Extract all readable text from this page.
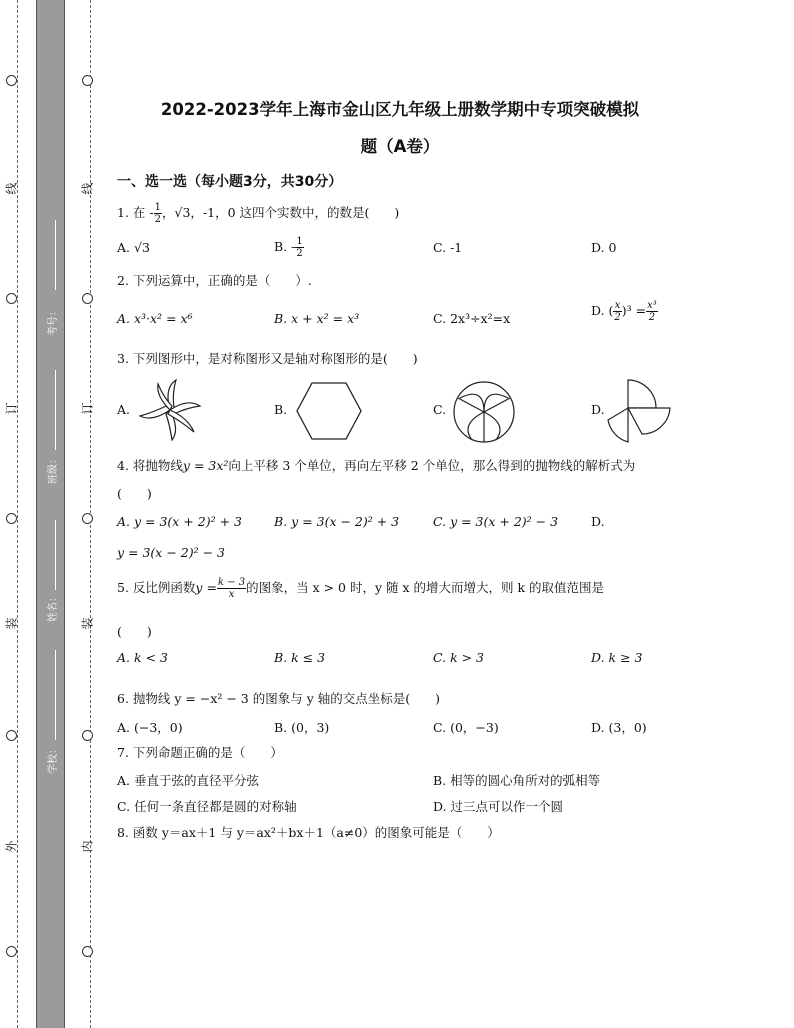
线
订
装
外
线
订
装
内
考号：
班级：
姓名：
学校：
2022-2023学年上海市金山区九年级上册数学期中专项突破模拟
题（A卷）
一、选一选（每小题3分，共30分）
1. 在 - $\frac{1}{2}$ ，√3，-1，0 这四个实数中，的数是(　　)
A. √3	B. - $\frac{1}{2}$	C. -1	D. 0
2. 下列运算中，正确的是（　　）.
A. x³·x² = x⁶	B. x + x² = x³	C. 2x³÷x²=x
D. ( $\frac{x}{2} )^3 = \frac{\text{x³}}{2}$
3. 下列图形中，是对称图形又是轴对称图形的是(　　)
A.	B.	C.	D.
4. 将抛物线y = 3x²向上平移 3 个单位，再向左平移 2 个单位，那么得到的抛物线的解析式为
(　　)
A. y = 3(x + 2)² + 3	B. y = 3(x − 2)² + 3	C. y = 3(x + 2)² − 3	D.
y = 3(x − 2)² − 3
5. 反比例函数$y = \frac{k - 3}{x}$ 的图象，当 x > 0 时，y 随 x 的增大而增大，则 k 的取值范围是
(　　)
A. k < 3	B. k ≤ 3	C. k > 3	D. k ≥ 3
6. 抛物线 y = −x² − 3 的图象与 y 轴的交点坐标是(　　)
A. (−3，0)	B. (0，3)	C. (0，−3)	D. (3，0)
7. 下列命题正确的是（　　）
A. 垂直于弦的直径平分弦	B. 相等的圆心角所对的弧相等
C. 任何一条直径都是圆的对称轴	D. 过三点可以作一个圆
8. 函数 y＝ax＋1 与 y＝ax²＋bx＋1（a≠0）的图象可能是（　　）
